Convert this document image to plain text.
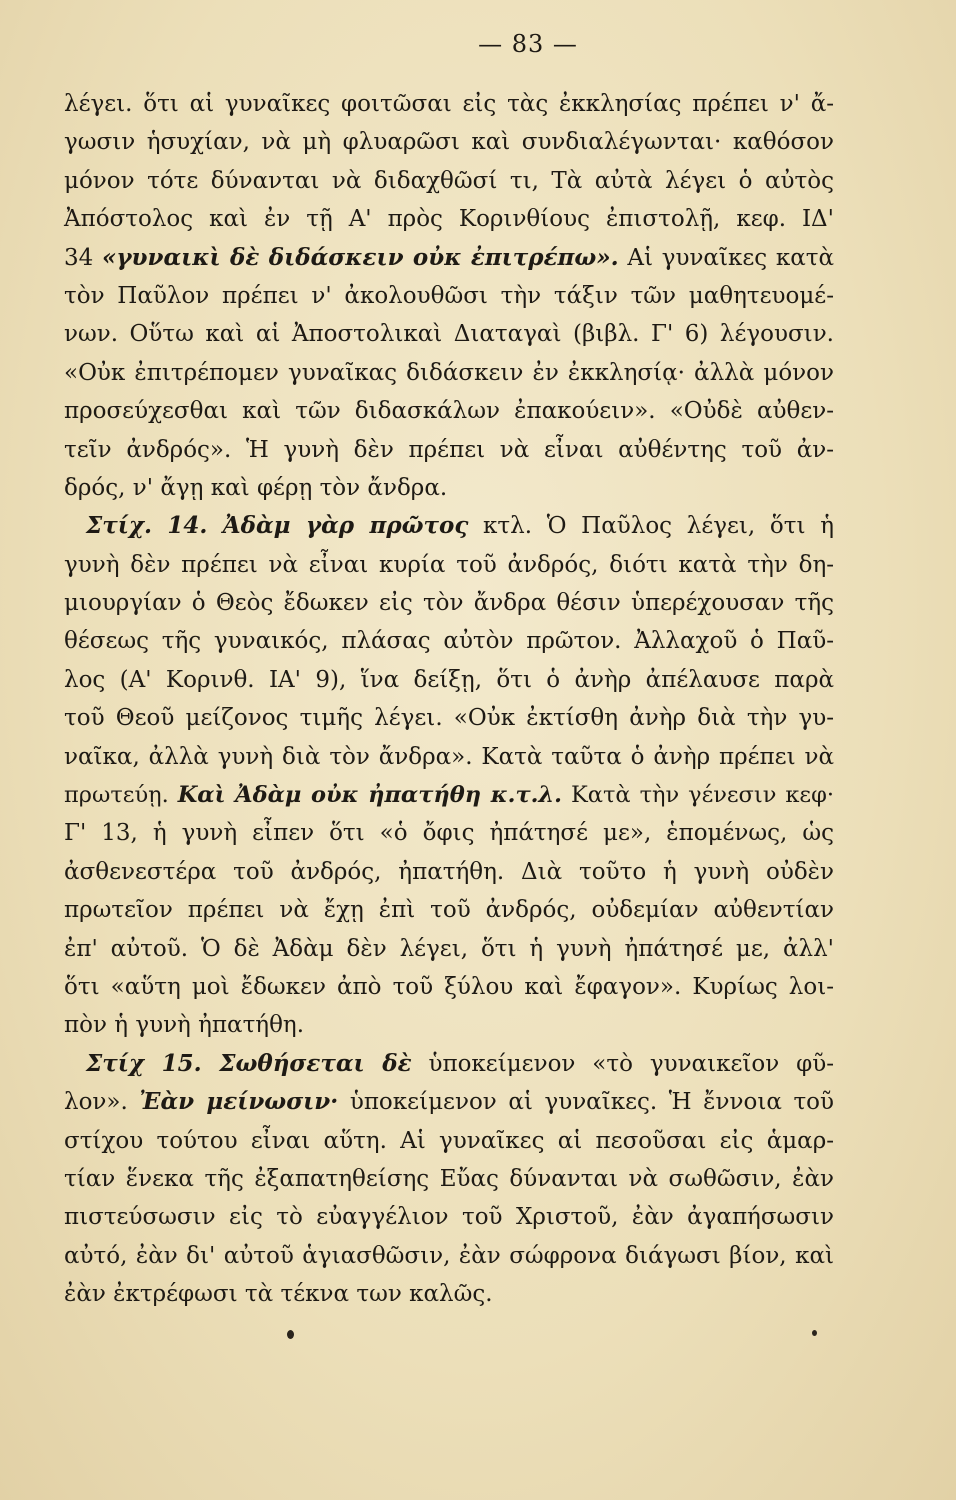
— 83 —
λέγει. ὅτι αἱ γυναῖκες φοιτῶσαι εἰς τὰς ἐκκλησίας πρέπει ν' ἄ-
γωσιν ἡσυχίαν, νὰ μὴ φλυαρῶσι καὶ συνδιαλέγωνται· καθόσον
μόνον τότε δύνανται νὰ διδαχθῶσί τι, Τὰ αὐτὰ λέγει ὁ αὐτὸς
Ἀπόστολος καὶ ἐν τῇ Α' πρὸς Κορινθίους ἐπιστολῇ, κεφ. ΙΔ'
34 «γυναικὶ δὲ διδάσκειν οὐκ ἐπιτρέπω». Αἱ γυναῖκες κατὰ
τὸν Παῦλον πρέπει ν' ἀκολουθῶσι τὴν τάξιν τῶν μαθητευομέ-
νων. Οὕτω καὶ αἱ Ἀποστολικαὶ Διαταγαὶ (βιβλ. Γ' 6) λέγουσιν.
«Οὐκ ἐπιτρέπομεν γυναῖκας διδάσκειν ἐν ἐκκλησίᾳ· ἀλλὰ μόνον
προσεύχεσθαι καὶ τῶν διδασκάλων ἐπακούειν». «Οὐδὲ αὐθεν-
τεῖν ἀνδρός». Ἡ γυνὴ δὲν πρέπει νὰ εἶναι αὐθέντης τοῦ ἀν-
δρός, ν' ἄγῃ καὶ φέρῃ τὸν ἄνδρα.
Στίχ. 14. Ἀδὰμ γὰρ πρῶτος κτλ. Ὁ Παῦλος λέγει, ὅτι ἡ
γυνὴ δὲν πρέπει νὰ εἶναι κυρία τοῦ ἀνδρός, διότι κατὰ τὴν δη-
μιουργίαν ὁ Θεὸς ἔδωκεν εἰς τὸν ἄνδρα θέσιν ὑπερέχουσαν τῆς
θέσεως τῆς γυναικός, πλάσας αὐτὸν πρῶτον. Ἀλλαχοῦ ὁ Παῦ-
λος (Α' Κορινθ. ΙΑ' 9), ἵνα δείξῃ, ὅτι ὁ ἀνὴρ ἀπέλαυσε παρὰ
τοῦ Θεοῦ μείζονος τιμῆς λέγει. «Οὐκ ἐκτίσθη ἀνὴρ διὰ τὴν γυ-
ναῖκα, ἀλλὰ γυνὴ διὰ τὸν ἄνδρα». Κατὰ ταῦτα ὁ ἀνὴρ πρέπει νὰ
πρωτεύῃ. Καὶ Ἀδὰμ οὐκ ἠπατήθη κ.τ.λ. Κατὰ τὴν γένεσιν κεφ·
Γ' 13, ἡ γυνὴ εἶπεν ὅτι «ὁ ὄφις ἠπάτησέ με», ἑπομένως, ὡς
ἀσθενεστέρα τοῦ ἀνδρός, ἠπατήθη. Διὰ τοῦτο ἡ γυνὴ οὐδὲν
πρωτεῖον πρέπει νὰ ἔχῃ ἐπὶ τοῦ ἀνδρός, οὐδεμίαν αὐθεντίαν
ἐπ' αὐτοῦ. Ὁ δὲ Ἀδὰμ δὲν λέγει, ὅτι ἡ γυνὴ ἠπάτησέ με, ἀλλ'
ὅτι «αὕτη μοὶ ἔδωκεν ἀπὸ τοῦ ξύλου καὶ ἔφαγον». Κυρίως λοι-
πὸν ἡ γυνὴ ἠπατήθη.
Στίχ 15. Σωθήσεται δὲ ὑποκείμενον «τὸ γυναικεῖον φῦ-
λον». Ἐὰν μείνωσιν· ὑποκείμενον αἱ γυναῖκες. Ἡ ἔννοια τοῦ
στίχου τούτου εἶναι αὕτη. Αἱ γυναῖκες αἱ πεσοῦσαι εἰς ἁμαρ-
τίαν ἕνεκα τῆς ἐξαπατηθείσης Εὔας δύνανται νὰ σωθῶσιν, ἐὰν
πιστεύσωσιν εἰς τὸ εὐαγγέλιον τοῦ Χριστοῦ, ἐὰν ἀγαπήσωσιν
αὐτό, ἐὰν δι' αὐτοῦ ἁγιασθῶσιν, ἐὰν σώφρονα διάγωσι βίον, καὶ
ἐὰν ἐκτρέφωσι τὰ τέκνα των καλῶς.
